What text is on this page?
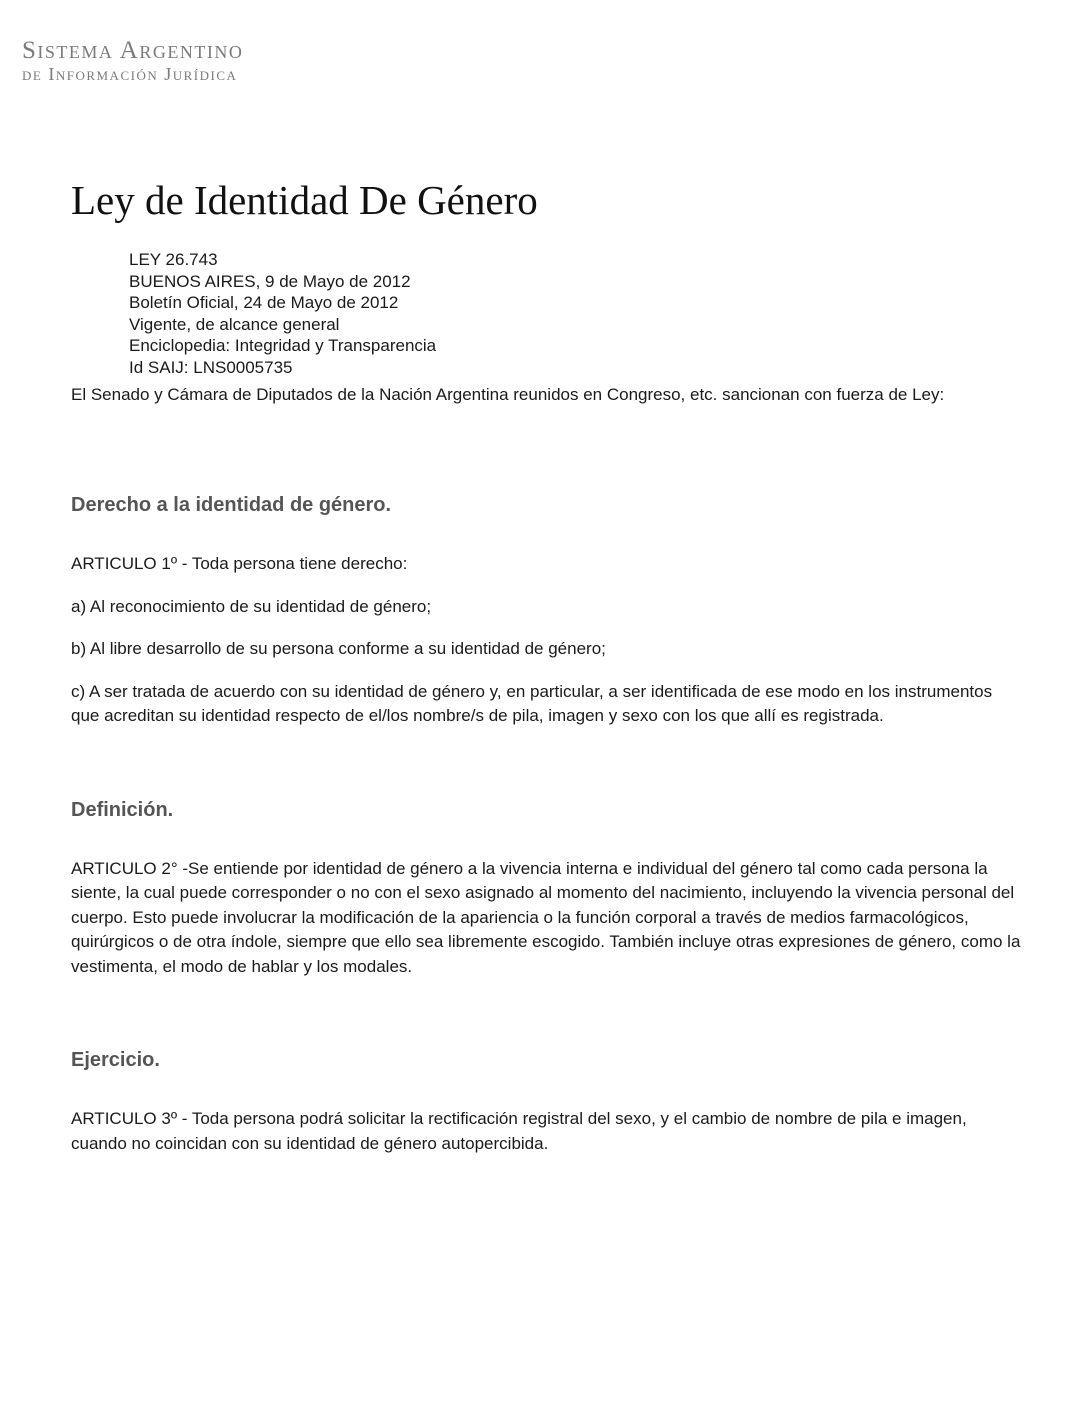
Sistema Argentino
de Información Jurídica
Ley de Identidad De Género
LEY 26.743
BUENOS AIRES, 9 de Mayo de 2012
Boletín Oficial, 24 de Mayo de 2012
Vigente, de alcance general
Enciclopedia: Integridad y Transparencia
Id SAIJ: LNS0005735

El Senado y Cámara de Diputados de la Nación Argentina reunidos en Congreso, etc. sancionan con fuerza de Ley:

Derecho a la identidad de género.

ARTICULO 1º - Toda persona tiene derecho:

a) Al reconocimiento de su identidad de género;

b) Al libre desarrollo de su persona conforme a su identidad de género;

c) A ser tratada de acuerdo con su identidad de género y, en particular, a ser identificada de ese modo en los instrumentos que acreditan su identidad respecto de el/los nombre/s de pila, imagen y sexo con los que allí es registrada.

Definición.

ARTICULO 2° -Se entiende por identidad de género a la vivencia interna e individual del género tal como cada persona la siente, la cual puede corresponder o no con el sexo asignado al momento del nacimiento, incluyendo la vivencia personal del cuerpo. Esto puede involucrar la modificación de la apariencia o la función corporal a través de medios farmacológicos, quirúrgicos o de otra índole, siempre que ello sea libremente escogido. También incluye otras expresiones de género, como la vestimenta, el modo de hablar y los modales.

Ejercicio.

ARTICULO 3º - Toda persona podrá solicitar la rectificación registral del sexo, y el cambio de nombre de pila e imagen, cuando no coincidan con su identidad de género autopercibida.
